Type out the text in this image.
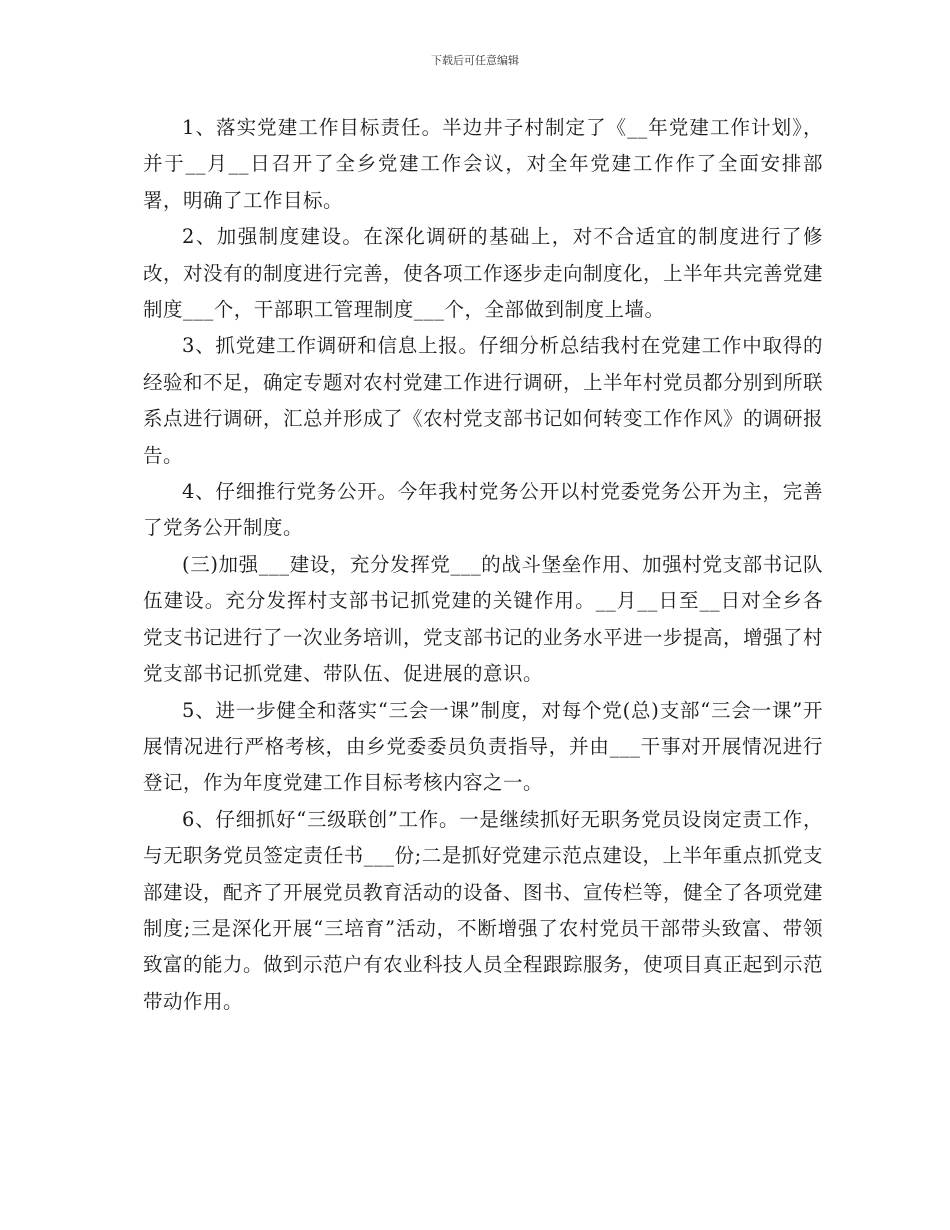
下载后可任意编辑

1、落实党建工作目标责任。半边井子村制定了《__年党建工作计划》，并于__月__日召开了全乡党建工作会议，对全年党建工作作了全面安排部署，明确了工作目标。

2、加强制度建设。在深化调研的基础上，对不合适宜的制度进行了修改，对没有的制度进行完善，使各项工作逐步走向制度化，上半年共完善党建制度___个，干部职工管理制度___个，全部做到制度上墙。

3、抓党建工作调研和信息上报。仔细分析总结我村在党建工作中取得的经验和不足，确定专题对农村党建工作进行调研，上半年村党员都分别到所联系点进行调研，汇总并形成了《农村党支部书记如何转变工作作风》的调研报告。

4、仔细推行党务公开。今年我村党务公开以村党委党务公开为主，完善了党务公开制度。

(三)加强___建设，充分发挥党___的战斗堡垒作用、加强村党支部书记队伍建设。充分发挥村支部书记抓党建的关键作用。__月__日至__日对全乡各党支书记进行了一次业务培训，党支部书记的业务水平进一步提高，增强了村党支部书记抓党建、带队伍、促进展的意识。

5、进一步健全和落实“三会一课”制度，对每个党(总)支部“三会一课”开展情况进行严格考核，由乡党委委员负责指导，并由___干事对开展情况进行登记，作为年度党建工作目标考核内容之一。

6、仔细抓好“三级联创”工作。一是继续抓好无职务党员设岗定责工作，与无职务党员签定责任书___份;二是抓好党建示范点建设，上半年重点抓党支部建设，配齐了开展党员教育活动的设备、图书、宣传栏等，健全了各项党建制度;三是深化开展“三培育”活动，不断增强了农村党员干部带头致富、带领致富的能力。做到示范户有农业科技人员全程跟踪服务，使项目真正起到示范带动作用。
